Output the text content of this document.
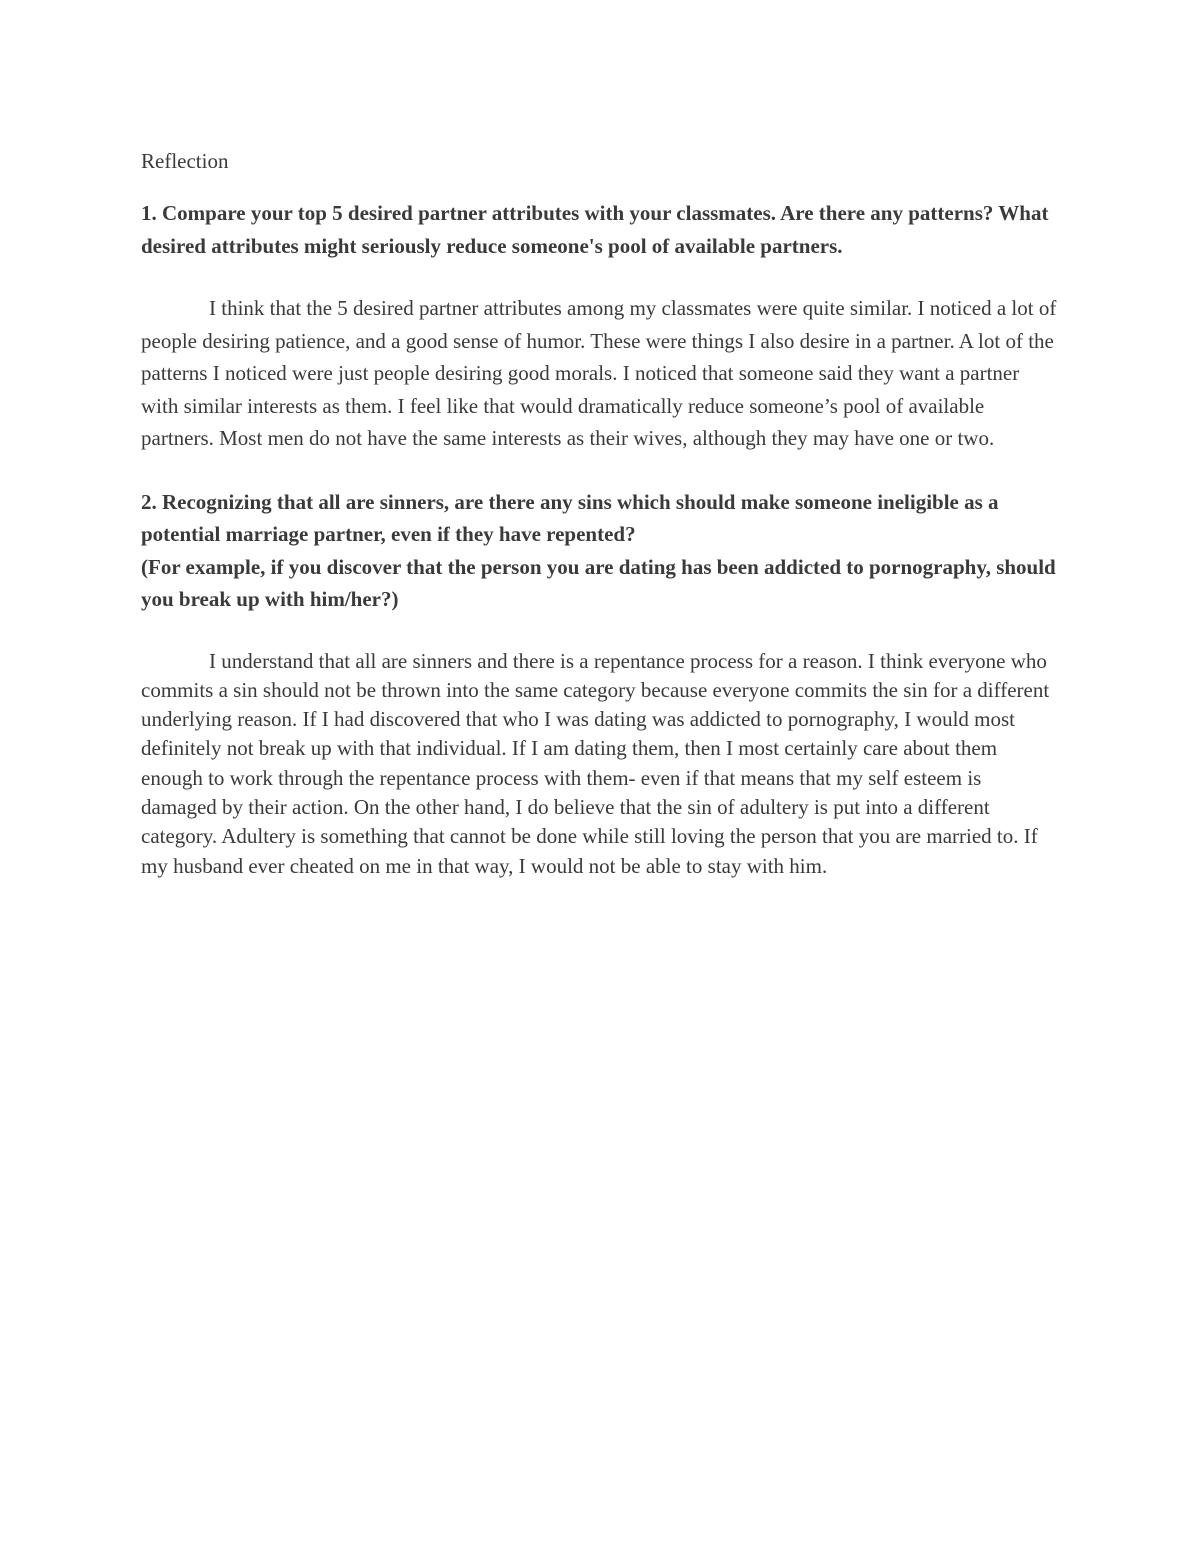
Reflection

1. Compare your top 5 desired partner attributes with your classmates. Are there any patterns? What desired attributes might seriously reduce someone's pool of available partners.

I think that the 5 desired partner attributes among my classmates were quite similar. I noticed a lot of people desiring patience, and a good sense of humor. These were things I also desire in a partner. A lot of the patterns I noticed were just people desiring good morals. I noticed that someone said they want a partner with similar interests as them. I feel like that would dramatically reduce someone’s pool of available partners. Most men do not have the same interests as their wives, although they may have one or two.

2. Recognizing that all are sinners, are there any sins which should make someone ineligible as a potential marriage partner, even if they have repented?

(For example, if you discover that the person you are dating has been addicted to pornography, should you break up with him/her?)

I understand that all are sinners and there is a repentance process for a reason. I think everyone who commits a sin should not be thrown into the same category because everyone commits the sin for a different underlying reason. If I had discovered that who I was dating was addicted to pornography, I would most definitely not break up with that individual. If I am dating them, then I most certainly care about them enough to work through the repentance process with them- even if that means that my self esteem is damaged by their action. On the other hand, I do believe that the sin of adultery is put into a different category. Adultery is something that cannot be done while still loving the person that you are married to. If my husband ever cheated on me in that way, I would not be able to stay with him.
